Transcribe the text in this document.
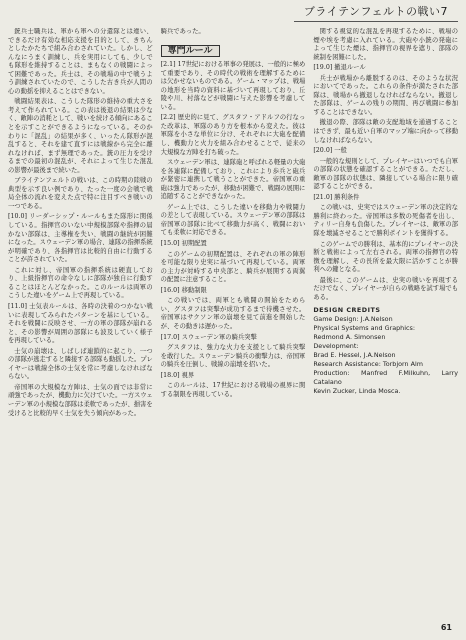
ブライテンフェルトの戦い7

銃兵士職兵は、軍から軍への分遣隊とは違い、できるだけ有効な相応支援を目的として、きちんとしたかたちで組み合わされていた。しかし、どんなにうまく訓練し、兵を実用にしても、少しでも隊形を維持することは、まもなくの戦闘によって困難であった。兵士は、その戦場の中で戦うよう訓練されていたので、こうした古き兵が人間の心の動揺を抑えることはできない。

戦闘結果表は、こうした隊形の維持の重大さを考えて作られている。この表は後退の結果は少なく、敵陣の消耗として、戦いを続ける傾向にあることを示すことができるようになっている。そのかわりに「混乱」の結果が多く、いったん隊形が混乱すると、それを建て直すには戦線から完全に離れなければ、まず無理であった。銃の圧力を受けるまでの最初の混乱が、それによって生じた混乱の影響が最後まで続いた。

ブライテンフェルトの戦いは、この時期の陸戦の典型を示す良い例であり、たった一度の会戦で戦局全体の流れを変えた点で特に注目すべき戦いの一つである。

[10.0] リーダーシップ・ルールもまた隊形に関係している。指揮官のいない中規模部隊や指揮の届かない部隊は、主導権を失い、戦闘の継続が困難になった。スウェーデン軍の場合、連隊の指揮系統が明確であり、各指揮官は比較的自由に行動することが許されていた。

これに対し、帝国軍の指揮系統は硬直しており、上級指揮官の命令なしに部隊が独自に行動することはほとんどなかった。このルールは両軍のこうした違いをゲーム上で再現している。

[11.0] 士気表ルールは、各時の決着のつかない戦いに表現してみられたパターンを基にしている。それを戦闘に反映させ、一方の軍の部隊が崩れると、その影響が周囲の部隊にも波及していく様子を再現している。

士気の崩壊は、しばしば連鎖的に起こり、一つの部隊が逃走すると隣接する部隊も動揺した。プレイヤーは戦線全体の士気を常に考慮しなければならない。

帝国軍の大規模な方陣は、士気の面では非常に頑強であったが、機動力に欠けていた。一方スウェーデン軍の小規模な部隊は柔軟であったが、損害を受けると比較的早く士気を失う傾向があった。

騎兵であった。

専門ルール

[2.1] 17世紀における軍事の発展は、一般的に極めて重要であり、その時代の戦術を理解するためには欠かせないものである。ゲーム・マップは、戦場の地形を当時の資料に基づいて再現しており、丘陵や川、村落などが戦闘に与えた影響を考慮している。

[2.2] 歴史的に見て、グスタフ・アドルフの行なった改革は、軍隊のあり方を根本から変えた。彼は軍隊を小さな単位に分け、それぞれに大砲を配備し、機動力と火力を組み合わせることで、従来の大規模な方陣を打ち破った。

スウェーデン軍は、連隊砲と呼ばれる軽量の大砲を各連隊に配備しており、これにより歩兵と砲兵が緊密に連携して戦うことができた。帝国軍の重砲は強力であったが、移動が困難で、戦闘の展開に追随することができなかった。

ゲーム上では、こうした違いを移動力や戦闘力の差として表現している。スウェーデン軍の部隊は帝国軍の部隊に比べて移動力が高く、戦闘においても柔軟に対応できる。

[15.0] 初期配置

このゲームの初期配置は、それぞれの軍の陣形を可能な限り史実に基づいて再現している。両軍の主力が対峙する中央部と、騎兵が展開する両翼の配置に注意すること。

[16.0] 移動制限

この戦いでは、両軍とも戦闘の開始をためらい、グスタフは突撃が成功するまで待機させた。帝国軍はサクソン軍の崩壊を見て前進を開始したが、その動きは遅かった。

[17.0] スウェーデン軍の騎兵突撃

グスタフは、強力な火力を支援として騎兵突撃を敢行した。スウェーデン騎兵の衝撃力は、帝国軍の騎兵を圧倒し、戦線の崩壊を招いた。

[18.0] 視界

このルールは、17世紀における戦場の視界に関する制限を再現している。

関する視覚的な混乱を再現するために、戦場の煙や埃を考慮に入れている。大砲や小銃の発砲によって生じた煙は、指揮官の視界を遮り、部隊の統制を困難にした。

[19.0] 撤退ルール

兵士が戦場から離脱するのは、そのような状況においてであった。これらの条件が満たされた部隊は、戦場から撤退しなければならない。撤退した部隊は、ゲームの残りの期間、再び戦闘に参加することはできない。

撤退の際、部隊は敵の支配地域を通過することはできず、最も近い自軍のマップ端に向かって移動しなければならない。

[20.0] 一般

一般的な規則として、プレイヤーはいつでも自軍の部隊の状態を確認することができる。ただし、敵軍の部隊の状態は、隣接している場合に限り確認することができる。

[21.0] 勝利条件

この戦いは、史実ではスウェーデン軍の決定的な勝利に終わった。帝国軍は多数の死傷者を出し、ティリー自身も負傷した。プレイヤーは、敵軍の部隊を壊滅させることで勝利ポイントを獲得する。

このゲームでの勝利は、基本的にプレイヤーの決断と戦術によって左右される。両軍の指揮官の特徴を理解し、その長所を最大限に活かすことが勝利への鍵となる。

最後に、このゲームは、史実の戦いを再現するだけでなく、プレイヤーが自らの戦略を試す場でもある。

DESIGN CREDITS
Game Design: J.A.Nelson
Physical Systems and Graphics:
Redmond A. Simonsen
Development:
Brad E. Hessel, J.A.Nelson
Research Assistance: Torbjorn Alm
Production: Manfred F.Milkuhn, Larry Catalano
Kevin Zucker, Linda Mosca.
61
